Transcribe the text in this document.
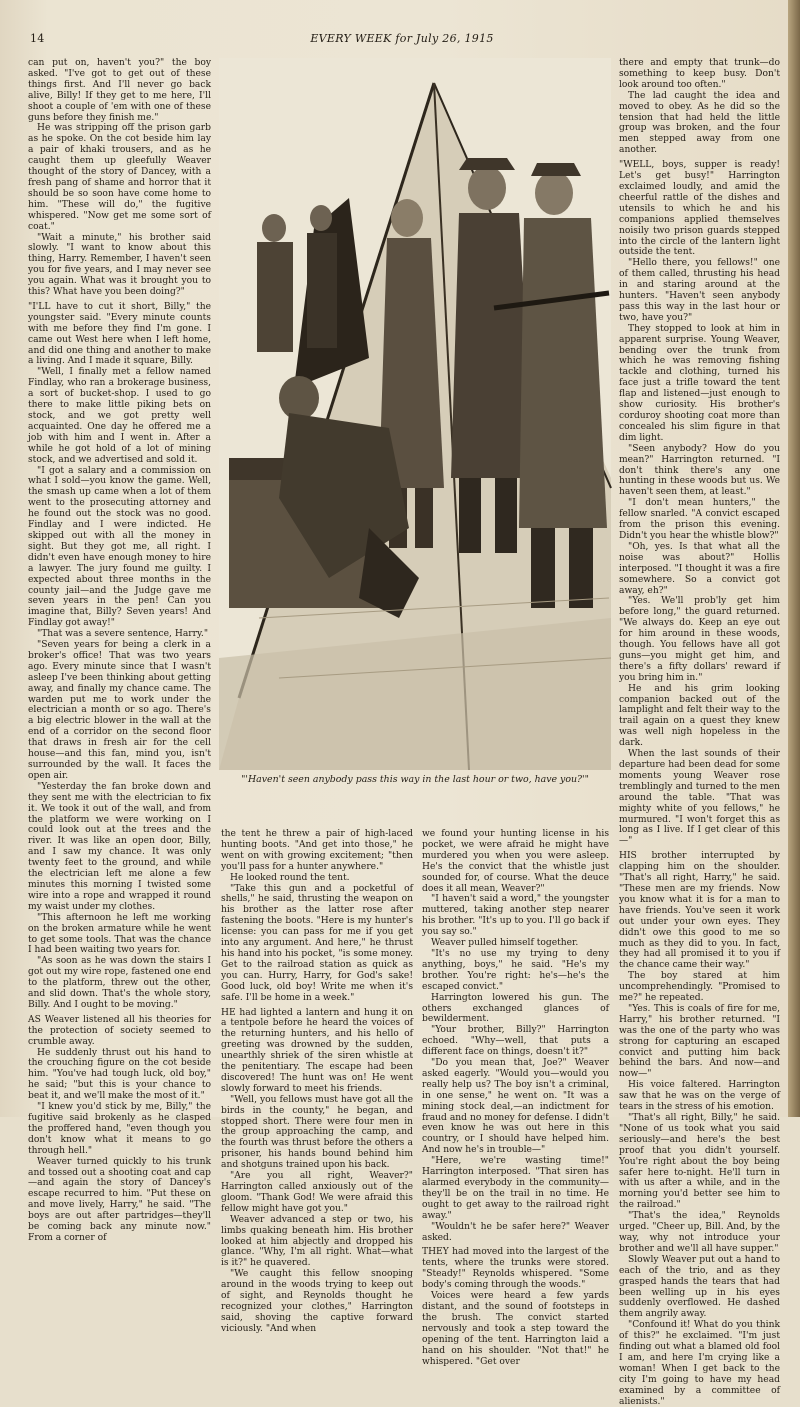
14	EVERY WEEK for July 26, 1915

can put on, haven't you?" the boy asked. "I've got to get out of these things first. And I'll never go back alive, Billy! If they get to me here, I'll shoot a couple of 'em with one of these guns before they finish me."

He was stripping off the prison garb as he spoke. On the cot beside him lay a pair of khaki trousers, and as he caught them up gleefully Weaver thought of the story of Dancey, with a fresh pang of shame and horror that it should be so soon have come home to him. "These will do," the fugitive whispered. "Now get me some sort of coat."

"Wait a minute," his brother said slowly. "I want to know about this thing, Harry. Remember, I haven't seen you for five years, and I may never see you again. What was it brought you to this? What have you been doing?"

"I'LL have to cut it short, Billy," the youngster said. "Every minute counts with me before they find I'm gone. I came out West here when I left home, and did one thing and another to make a living. And I made it square, Billy.

"Well, I finally met a fellow named Findlay, who ran a brokerage business, a sort of bucket-shop. I used to go there to make little piking bets on stock, and we got pretty well acquainted. One day he offered me a job with him and I went in. After a while he got hold of a lot of mining stock, and we advertised and sold it.

"I got a salary and a commission on what I sold—you know the game. Well, the smash up came when a lot of them went to the prosecuting attorney and he found out the stock was no good. Findlay and I were indicted. He skipped out with all the money in sight. But they got me, all right. I didn't even have enough money to hire a lawyer. The jury found me guilty. I expected about three months in the county jail—and the Judge gave me seven years in the pen! Can you imagine that, Billy? Seven years! And Findlay got away!"

"That was a severe sentence, Harry."

"Seven years for being a clerk in a broker's office! That was two years ago. Every minute since that I wasn't asleep I've been thinking about getting away, and finally my chance came. The warden put me to work under the electrician a month or so ago. There's a big electric blower in the wall at the end of a corridor on the second floor that draws in fresh air for the cell house—and this fan, mind you, isn't surrounded by the wall. It faces the open air.

"Yesterday the fan broke down and they sent me with the electrician to fix it. We took it out of the wall, and from the platform we were working on I could look out at the trees and the river. It was like an open door, Billy, and I saw my chance. It was only twenty feet to the ground, and while the electrician left me alone a few minutes this morning I twisted some wire into a rope and wrapped it round my waist under my clothes.

"This afternoon he left me working on the broken armature while he went to get some tools. That was the chance I had been waiting two years for.

"As soon as he was down the stairs I got out my wire rope, fastened one end to the platform, threw out the other, and slid down. That's the whole story, Billy. And I ought to be moving."

AS Weaver listened all his theories for the protection of society seemed to crumble away.

He suddenly thrust out his hand to the crouching figure on the cot beside him. "You've had tough luck, old boy," he said; "but this is your chance to beat it, and we'll make the most of it."

"I knew you'd stick by me, Billy," the fugitive said brokenly as he clasped the proffered hand, "even though you don't know what it means to go through hell."

Weaver turned quickly to his trunk and tossed out a shooting coat and cap—and again the story of Dancey's escape recurred to him. "Put these on and move lively, Harry," he said. "The boys are out after partridges—they'll be coming back any minute now." From a corner of

"'Haven't seen anybody pass this way in the last hour or two, have you?'"

the tent he threw a pair of high-laced hunting boots. "And get into those," he went on with growing excitement; "then you'll pass for a hunter anywhere."

He looked round the tent.

"Take this gun and a pocketful of shells," he said, thrusting the weapon on his brother as the latter rose after fastening the boots. "Here is my hunter's license: you can pass for me if you get into any argument. And here," he thrust his hand into his pocket, "is some money. Get to the railroad station as quick as you can. Hurry, Harry, for God's sake! Good luck, old boy! Write me when it's safe. I'll be home in a week."

HE had lighted a lantern and hung it on a tentpole before he heard the voices of the returning hunters, and his hello of greeting was drowned by the sudden, unearthly shriek of the siren whistle at the penitentiary. The escape had been discovered! The hunt was on! He went slowly forward to meet his friends.

"Well, you fellows must have got all the birds in the county," he began, and stopped short. There were four men in the group approaching the camp, and the fourth was thrust before the others a prisoner, his hands bound behind him and shotguns trained upon his back.

"Are you all right, Weaver?" Harrington called anxiously out of the gloom. "Thank God! We were afraid this fellow might have got you."

Weaver advanced a step or two, his limbs quaking beneath him. His brother looked at him abjectly and dropped his glance. "Why, I'm all right. What—what is it?" he quavered.

"We caught this fellow snooping around in the woods trying to keep out of sight, and Reynolds thought he recognized your clothes," Harrington said, shoving the captive forward viciously. "And when

we found your hunting license in his pocket, we were afraid he might have murdered you when you were asleep. He's the convict that the whistle just sounded for, of course. What the deuce does it all mean, Weaver?"

"I haven't said a word," the youngster muttered, taking another step nearer his brother. "It's up to you. I'll go back if you say so."

Weaver pulled himself together.

"It's no use my trying to deny anything, boys," he said. "He's my brother. You're right: he's—he's the escaped convict."

Harrington lowered his gun. The others exchanged glances of bewilderment.

"Your brother, Billy?" Harrington echoed. "Why—well, that puts a different face on things, doesn't it?"

"Do you mean that, Joe?" Weaver asked eagerly. "Would you—would you really help us? The boy isn't a criminal, in one sense," he went on. "It was a mining stock deal,—an indictment for fraud and no money for defense. I didn't even know he was out here in this country, or I should have helped him. And now he's in trouble—"

"Here, we're wasting time!" Harrington interposed. "That siren has alarmed everybody in the community—they'll be on the trail in no time. He ought to get away to the railroad right away."

"Wouldn't he be safer here?" Weaver asked.

THEY had moved into the largest of the tents, where the trunks were stored. "Steady!" Reynolds whispered. "Some body's coming through the woods."

Voices were heard a few yards distant, and the sound of footsteps in the brush. The convict started nervously and took a step toward the opening of the tent. Harrington laid a hand on his shoulder. "Not that!" he whispered. "Get over

there and empty that trunk—do something to keep busy. Don't look around too often."

The lad caught the idea and moved to obey. As he did so the tension that had held the little group was broken, and the four men stepped away from one another.

"WELL, boys, supper is ready! Let's get busy!" Harrington exclaimed loudly, and amid the cheerful rattle of the dishes and utensils to which he and his companions applied themselves noisily two prison guards stepped into the circle of the lantern light outside the tent.

"Hello there, you fellows!" one of them called, thrusting his head in and staring around at the hunters. "Haven't seen anybody pass this way in the last hour or two, have you?"

They stopped to look at him in apparent surprise. Young Weaver, bending over the trunk from which he was removing fishing tackle and clothing, turned his face just a trifle toward the tent flap and listened—just enough to show curiosity. His brother's corduroy shooting coat more than concealed his slim figure in that dim light.

"Seen anybody? How do you mean?" Harrington returned. "I don't think there's any one hunting in these woods but us. We haven't seen them, at least."

"I don't mean hunters," the fellow snarled. "A convict escaped from the prison this evening. Didn't you hear the whistle blow?"

"Oh, yes. Is that what all the noise was about?" Hollis interposed. "I thought it was a fire somewhere. So a convict got away, eh?"

"Yes. We'll prob'ly get him before long," the guard returned. "We always do. Keep an eye out for him around in these woods, though. You fellows have all got guns—you might get him, and there's a fifty dollars' reward if you bring him in."

He and his grim looking companion backed out of the lamplight and felt their way to the trail again on a quest they knew was well nigh hopeless in the dark.

When the last sounds of their departure had been dead for some moments young Weaver rose tremblingly and turned to the men around the table. "That was mighty white of you fellows," he murmured. "I won't forget this as long as I live. If I get clear of this—"

HIS brother interrupted by clapping him on the shoulder. "That's all right, Harry," he said. "These men are my friends. Now you know what it is for a man to have friends. You've seen it work out under your own eyes. They didn't owe this good to me so much as they did to you. In fact, they had all promised it to you if the chance came their way."

The boy stared at him uncomprehendingly. "Promised to me?" he repeated.

"Yes. This is coals of fire for me, Harry," his brother returned. "I was the one of the party who was strong for capturing an escaped convict and putting him back behind the bars. And now—and now—"

His voice faltered. Harrington saw that he was on the verge of tears in the stress of his emotion.

"That's all right, Billy," he said. "None of us took what you said seriously—and here's the best proof that you didn't yourself. You're right about the boy being safer here to-night. He'll turn in with us after a while, and in the morning you'd better see him to the railroad."

"That's the idea," Reynolds urged. "Cheer up, Bill. And, by the way, why not introduce your brother and we'll all have supper."

Slowly Weaver put out a hand to each of the trio, and as they grasped hands the tears that had been welling up in his eyes suddenly overflowed. He dashed them angrily away.

"Confound it! What do you think of this?" he exclaimed. "I'm just finding out what a blamed old fool I am, and here I'm crying like a woman! When I get back to the city I'm going to have my head examined by a committee of alienists."
